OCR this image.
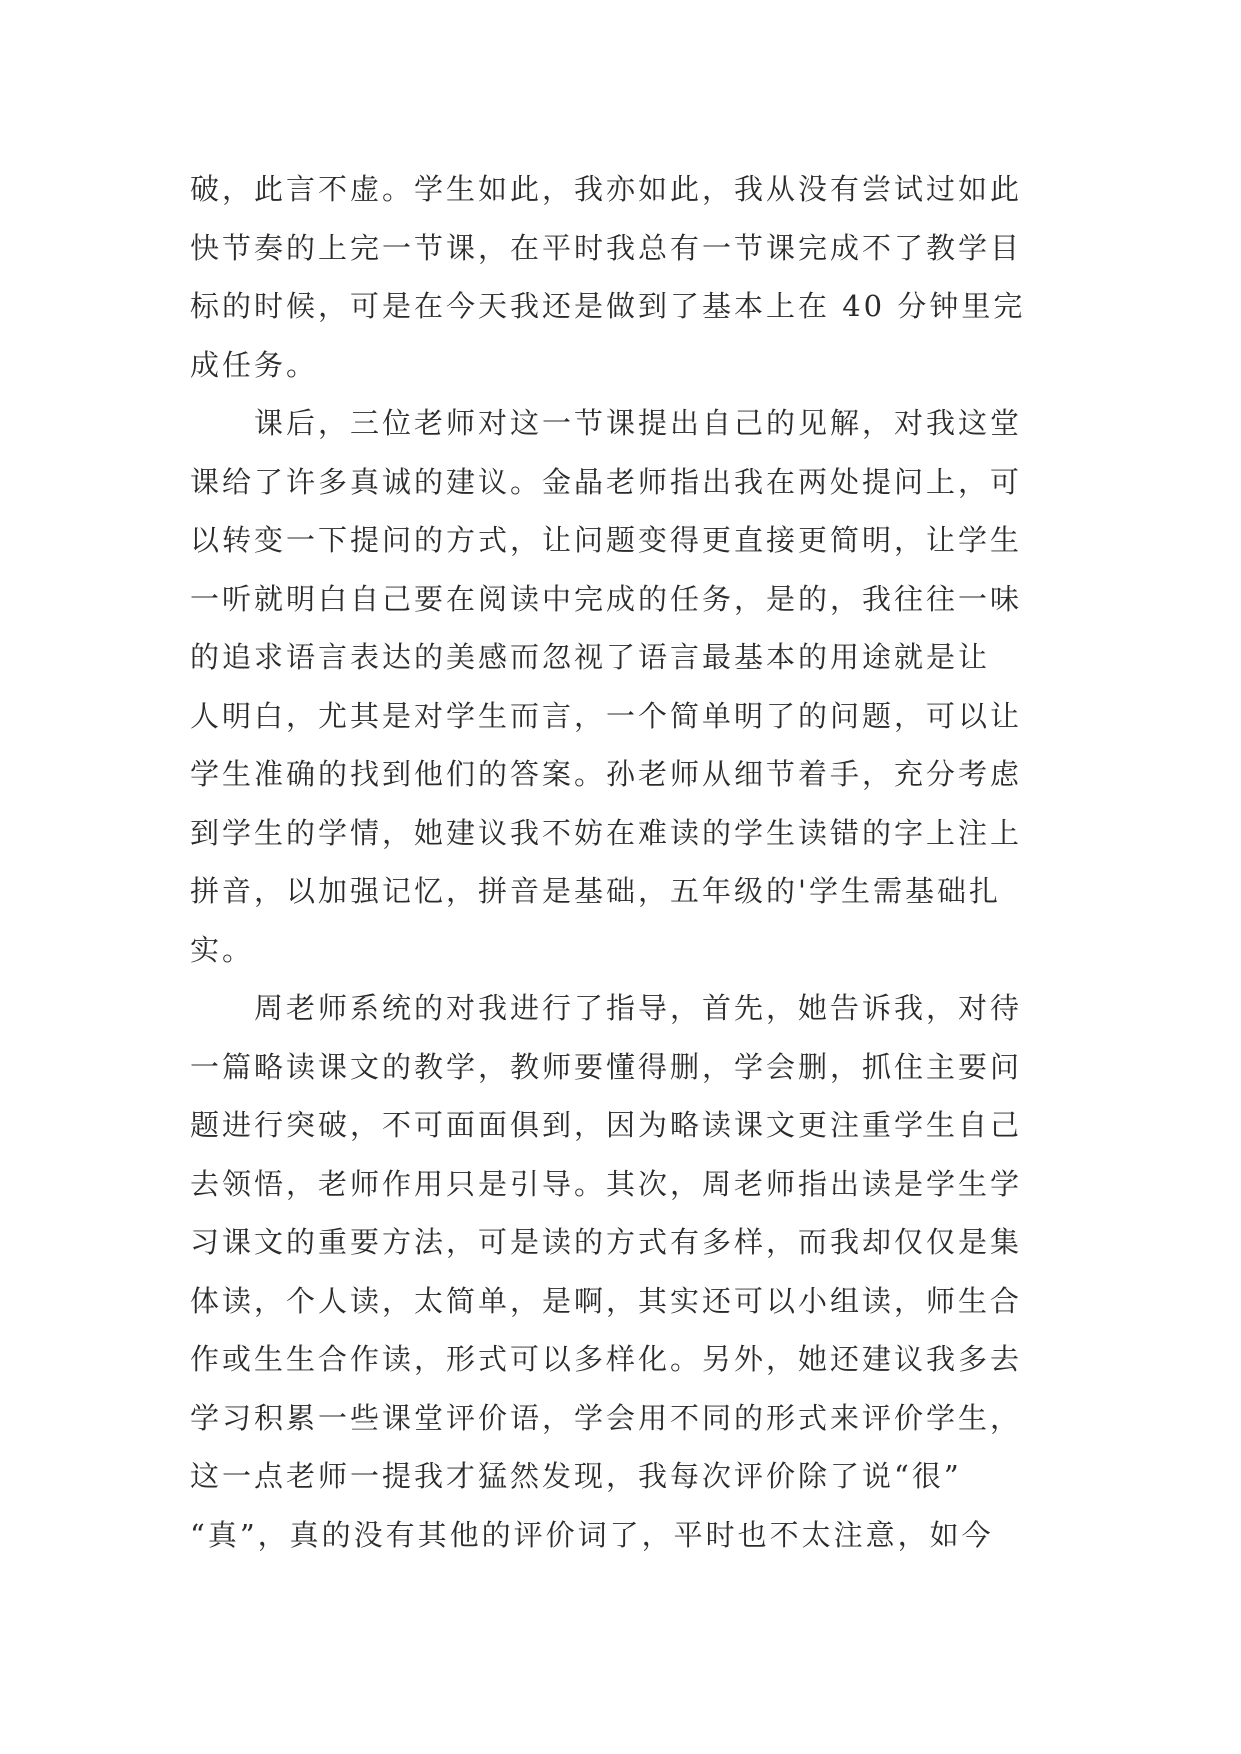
破，此言不虚。学生如此，我亦如此，我从没有尝试过如此
快节奏的上完一节课，在平时我总有一节课完成不了教学目
标的时候，可是在今天我还是做到了基本上在 40 分钟里完
成任务。
课后，三位老师对这一节课提出自己的见解，对我这堂
课给了许多真诚的建议。金晶老师指出我在两处提问上，可
以转变一下提问的方式，让问题变得更直接更简明，让学生
一听就明白自己要在阅读中完成的任务，是的，我往往一味
的追求语言表达的美感而忽视了语言最基本的用途就是让
人明白，尤其是对学生而言，一个简单明了的问题，可以让
学生准确的找到他们的答案。孙老师从细节着手，充分考虑
到学生的学情，她建议我不妨在难读的学生读错的字上注上
拼音，以加强记忆，拼音是基础，五年级的'学生需基础扎
实。
周老师系统的对我进行了指导，首先，她告诉我，对待
一篇略读课文的教学，教师要懂得删，学会删，抓住主要问
题进行突破，不可面面俱到，因为略读课文更注重学生自己
去领悟，老师作用只是引导。其次，周老师指出读是学生学
习课文的重要方法，可是读的方式有多样，而我却仅仅是集
体读，个人读，太简单，是啊，其实还可以小组读，师生合
作或生生合作读，形式可以多样化。另外，她还建议我多去
学习积累一些课堂评价语，学会用不同的形式来评价学生，
这一点老师一提我才猛然发现，我每次评价除了说“很”
“真”，真的没有其他的评价词了，平时也不太注意，如今
